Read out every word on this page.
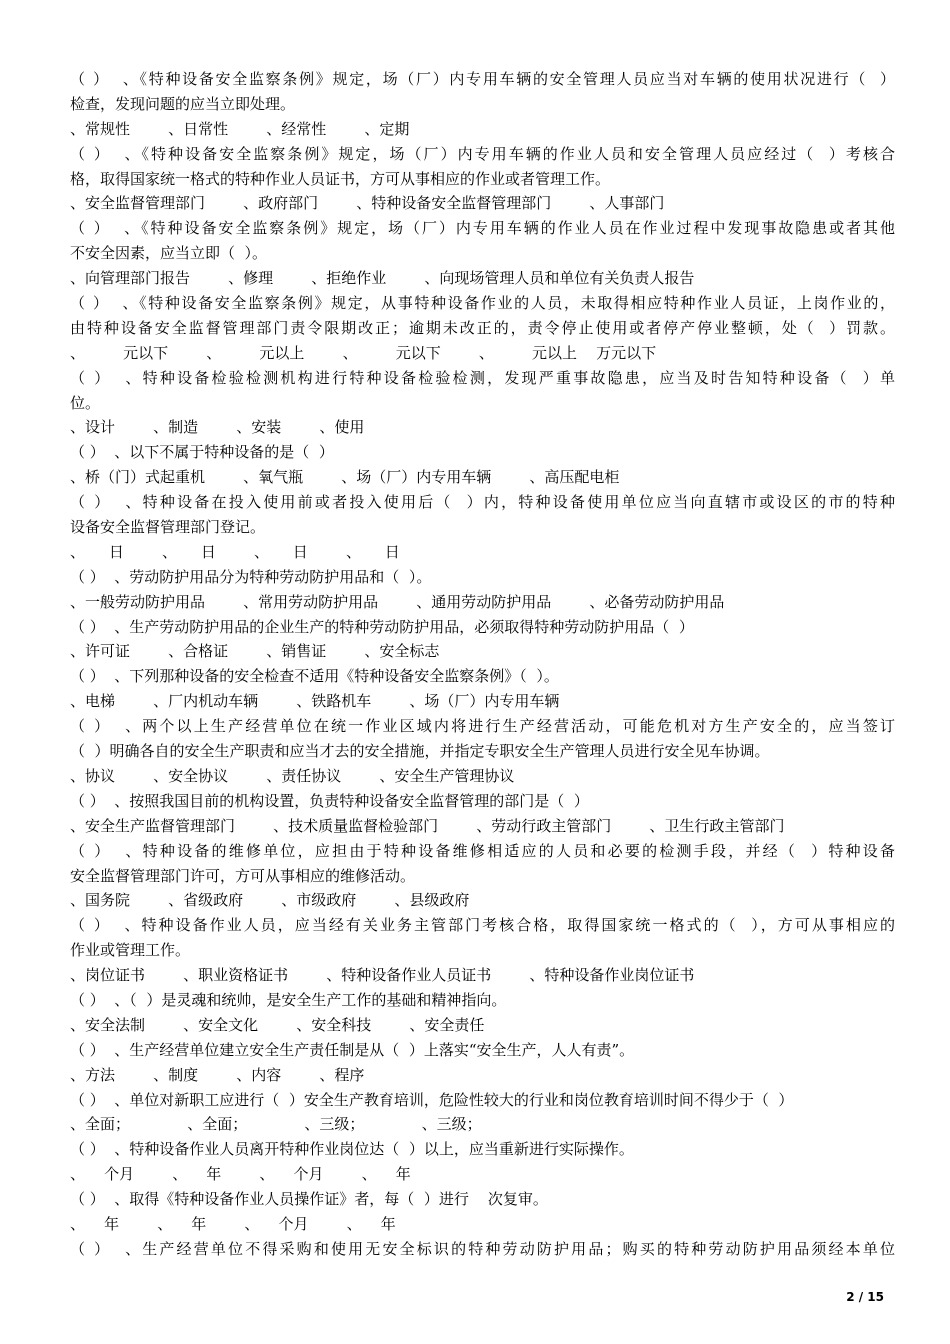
（ ）  、《特种设备安全监察条例》规定，场（厂）内专用车辆的安全管理人员应当对车辆的使用状况进行（  ）
检查，发现问题的应当立即处理。
、常规性        、日常性        、经常性        、定期
（ ）  、《特种设备安全监察条例》规定，场（厂）内专用车辆的作业人员和安全管理人员应经过（  ）考核合
格，取得国家统一格式的特种作业人员证书，方可从事相应的作业或者管理工作。
、安全监督管理部门        、政府部门        、特种设备安全监督管理部门        、人事部门
（ ）  、《特种设备安全监察条例》规定，场（厂）内专用车辆的作业人员在作业过程中发现事故隐患或者其他
不安全因素，应当立即（  ）。
、向管理部门报告        、修理        、拒绝作业        、向现场管理人员和单位有关负责人报告
（ ）  、《特种设备安全监察条例》规定，从事特种设备作业的人员，未取得相应特种作业人员证，上岗作业的，
由特种设备安全监督管理部门责令限期改正；逾期未改正的，责令停止使用或者停产停业整顿，处（  ）罚款。
、        元以下        、        元以上        、        元以下        、        元以上    万元以下
（ ）  、特种设备检验检测机构进行特种设备检验检测，发现严重事故隐患，应当及时告知特种设备（  ）单
位。
、设计        、制造        、安装        、使用
（ ）  、以下不属于特种设备的是（  ）
、桥（门）式起重机        、氧气瓶        、场（厂）内专用车辆        、高压配电柜
（ ）  、特种设备在投入使用前或者投入使用后（  ）内，特种设备使用单位应当向直辖市或设区的市的特种
设备安全监督管理部门登记。
、     日        、     日        、     日        、     日
（ ）  、劳动防护用品分为特种劳动防护用品和（  ）。
、一般劳动防护用品        、常用劳动防护用品        、通用劳动防护用品        、必备劳动防护用品
（ ）  、生产劳动防护用品的企业生产的特种劳动防护用品，必须取得特种劳动防护用品（  ）
、许可证        、合格证        、销售证        、安全标志
（ ）  、下列那种设备的安全检查不适用《特种设备安全监察条例》（  ）。
、电梯        、厂内机动车辆        、铁路机车        、场（厂）内专用车辆
（ ）  、两个以上生产经营单位在统一作业区域内将进行生产经营活动，可能危机对方生产安全的，应当签订
（  ）明确各自的安全生产职责和应当才去的安全措施，并指定专职安全生产管理人员进行安全见车协调。
、协议        、安全协议        、责任协议        、安全生产管理协议
（ ）  、按照我国目前的机构设置，负责特种设备安全监督管理的部门是（  ）
、安全生产监督管理部门        、技术质量监督检验部门        、劳动行政主管部门        、卫生行政主管部门
（ ）  、特种设备的维修单位，应担由于特种设备维修相适应的人员和必要的检测手段，并经（  ）特种设备
安全监督管理部门许可，方可从事相应的维修活动。
、国务院        、省级政府        、市级政府        、县级政府
（ ）  、特种设备作业人员，应当经有关业务主管部门考核合格，取得国家统一格式的（  ），方可从事相应的
作业或管理工作。
、岗位证书        、职业资格证书        、特种设备作业人员证书        、特种设备作业岗位证书
（ ）  、（  ）是灵魂和统帅，是安全生产工作的基础和精神指向。
、安全法制        、安全文化        、安全科技        、安全责任
（ ）  、生产经营单位建立安全生产责任制是从（  ）上落实“安全生产，人人有责”。
、方法        、制度        、内容        、程序
（ ）  、单位对新职工应进行（  ）安全生产教育培训，危险性较大的行业和岗位教育培训时间不得少于（  ）
、全面；            、全面；            、三级；            、三级；
（ ）  、特种设备作业人员离开特种作业岗位达（  ）以上，应当重新进行实际操作。
、    个月        、    年        、    个月        、    年
（ ）  、取得《特种设备作业人员操作证》者，每（  ）进行    次复审。
、    年        、    年        、    个月        、    年
（ ）  、生产经营单位不得采购和使用无安全标识的特种劳动防护用品；购买的特种劳动防护用品须经本单位
2 / 15
